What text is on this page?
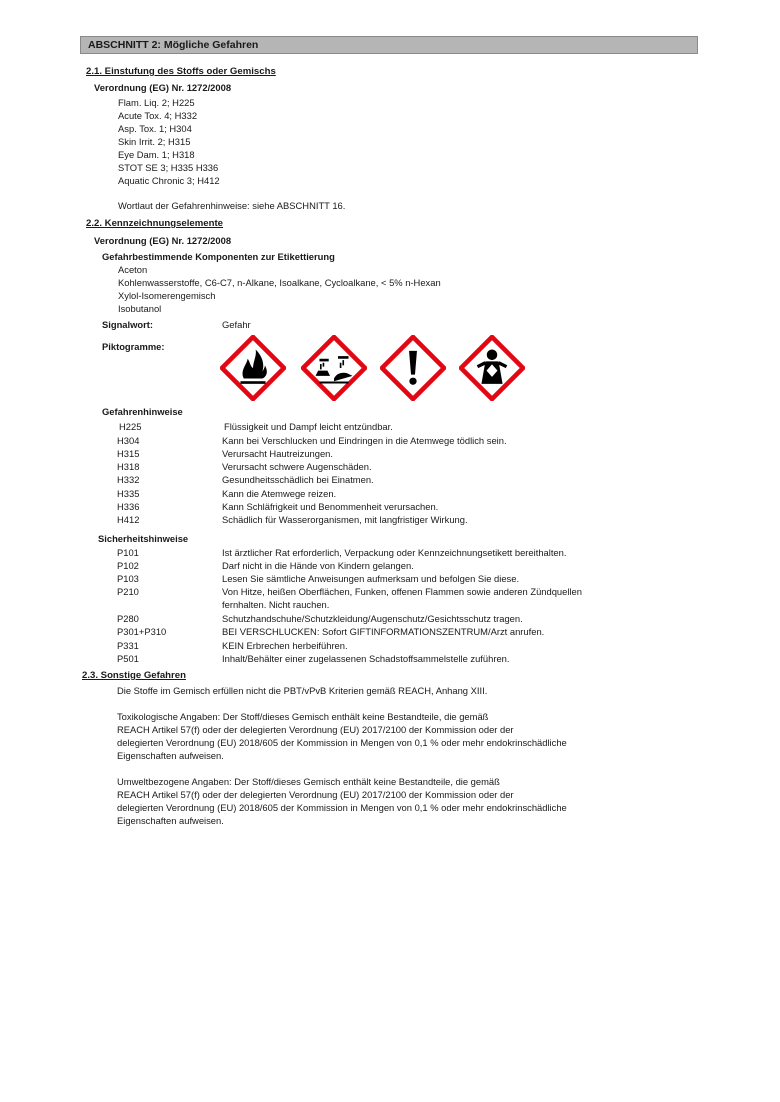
ABSCHNITT 2: Mögliche Gefahren
2.1. Einstufung des Stoffs oder Gemischs
Verordnung (EG) Nr. 1272/2008
Flam. Liq. 2; H225
Acute Tox. 4; H332
Asp. Tox. 1; H304
Skin Irrit. 2; H315
Eye Dam. 1; H318
STOT SE 3; H335 H336
Aquatic Chronic 3; H412
Wortlaut der Gefahrenhinweise: siehe ABSCHNITT 16.
2.2. Kennzeichnungselemente
Verordnung (EG) Nr. 1272/2008
Gefahrbestimmende Komponenten zur Etikettierung
Aceton
Kohlenwasserstoffe, C6-C7, n-Alkane, Isoalkane, Cycloalkane, < 5% n-Hexan
Xylol-Isomerengemisch
Isobutanol
Signalwort:	Gefahr
Piktogramme:
Gefahrenhinweise
H225	Flüssigkeit und Dampf leicht entzündbar.
H304	Kann bei Verschlucken und Eindringen in die Atemwege tödlich sein.
H315	Verursacht Hautreizungen.
H318	Verursacht schwere Augenschäden.
H332	Gesundheitsschädlich bei Einatmen.
H335	Kann die Atemwege reizen.
H336	Kann Schläfrigkeit und Benommenheit verursachen.
H412	Schädlich für Wasserorganismen, mit langfristiger Wirkung.
Sicherheitshinweise
P101	Ist ärztlicher Rat erforderlich, Verpackung oder Kennzeichnungsetikett bereithalten.
P102	Darf nicht in die Hände von Kindern gelangen.
P103	Lesen Sie sämtliche Anweisungen aufmerksam und befolgen Sie diese.
P210	Von Hitze, heißen Oberflächen, Funken, offenen Flammen sowie anderen Zündquellen
fernhalten. Nicht rauchen.
P280	Schutzhandschuhe/Schutzkleidung/Augenschutz/Gesichtsschutz tragen.
P301+P310	BEI VERSCHLUCKEN: Sofort GIFTINFORMATIONSZENTRUM/Arzt anrufen.
P331	KEIN Erbrechen herbeiführen.
P501	Inhalt/Behälter einer zugelassenen Schadstoffsammelstelle zuführen.
2.3. Sonstige Gefahren
Die Stoffe im Gemisch erfüllen nicht die PBT/vPvB Kriterien gemäß REACH, Anhang XIII.
Toxikologische Angaben: Der Stoff/dieses Gemisch enthält keine Bestandteile, die gemäß
REACH Artikel 57(f) oder der delegierten Verordnung (EU) 2017/2100 der Kommission oder der
delegierten Verordnung (EU) 2018/605 der Kommission in Mengen von 0,1 % oder mehr endokrinschädliche
Eigenschaften aufweisen.
Umweltbezogene Angaben: Der Stoff/dieses Gemisch enthält keine Bestandteile, die gemäß
REACH Artikel 57(f) oder der delegierten Verordnung (EU) 2017/2100 der Kommission oder der
delegierten Verordnung (EU) 2018/605 der Kommission in Mengen von 0,1 % oder mehr endokrinschädliche
Eigenschaften aufweisen.
